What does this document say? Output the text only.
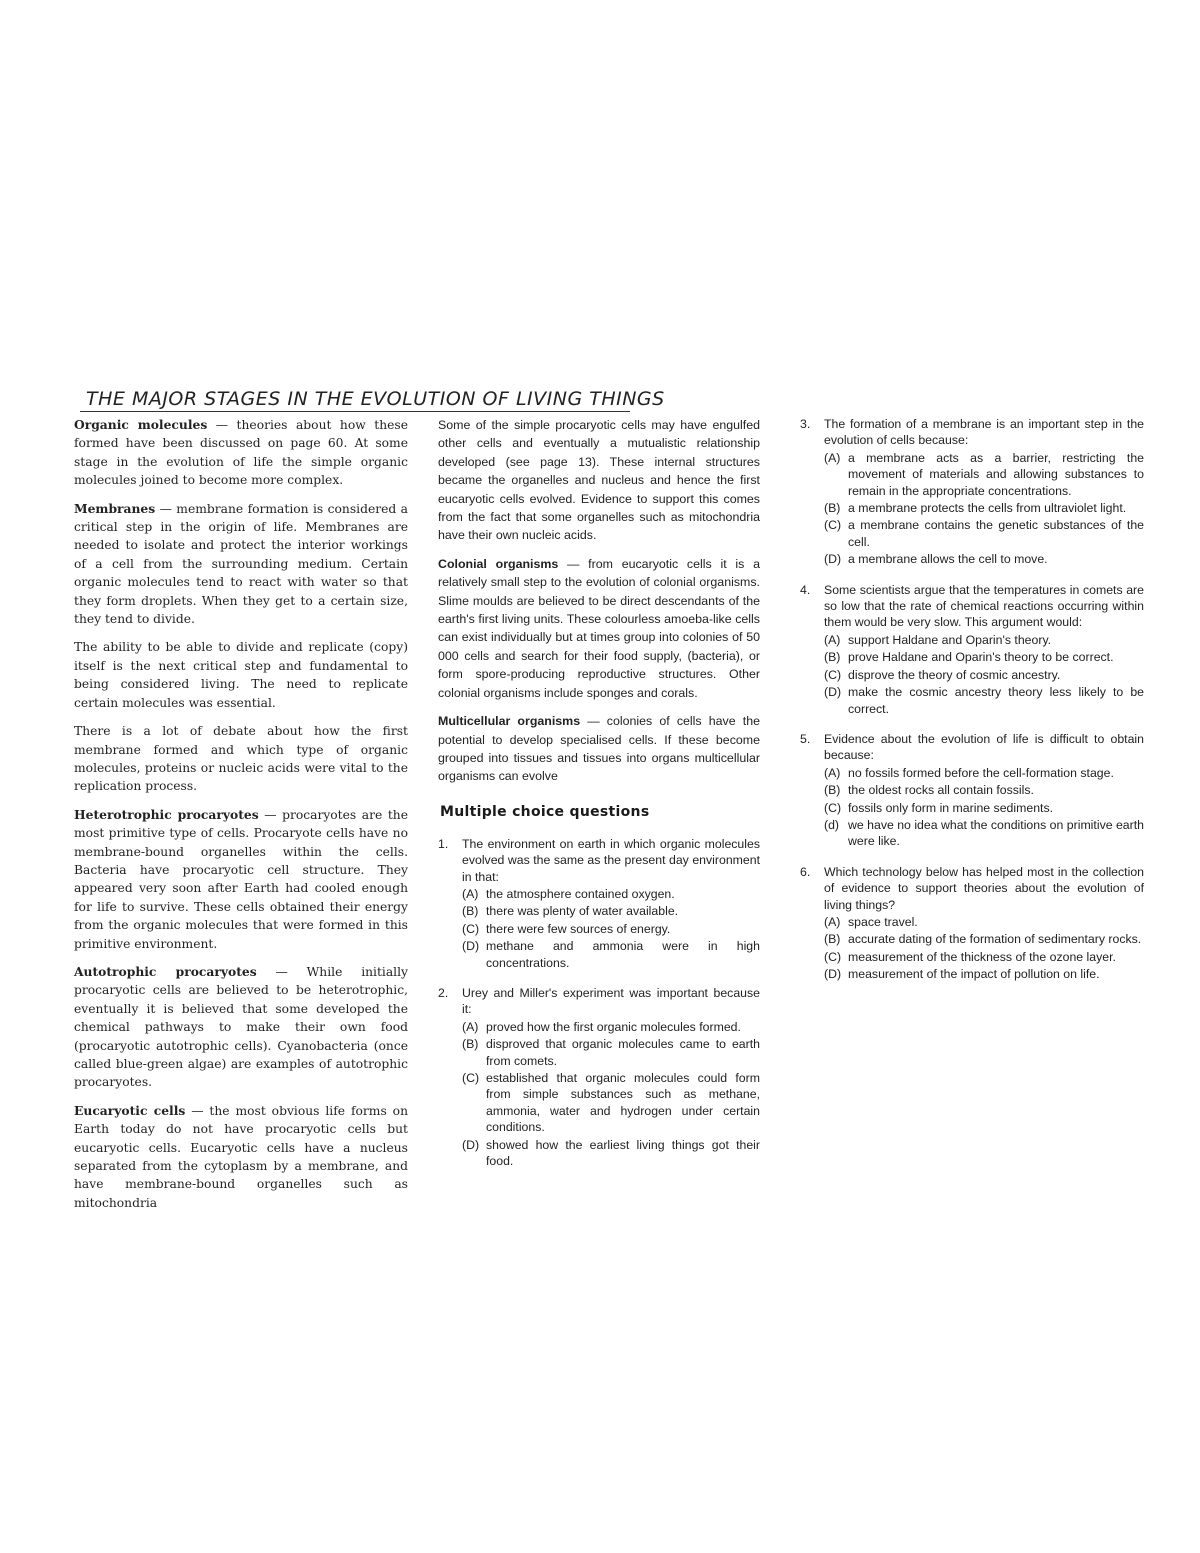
THE MAJOR STAGES IN THE EVOLUTION OF LIVING THINGS

Organic molecules — theories about how these formed have been discussed on page 60. At some stage in the evolution of life the simple organic molecules joined to become more complex.

Membranes — membrane formation is considered a critical step in the origin of life. Membranes are needed to isolate and protect the interior workings of a cell from the surrounding medium. Certain organic molecules tend to react with water so that they form droplets. When they get to a certain size, they tend to divide.

The ability to be able to divide and replicate (copy) itself is the next critical step and fundamental to being considered living. The need to replicate certain molecules was essential.

There is a lot of debate about how the first membrane formed and which type of organic molecules, proteins or nucleic acids were vital to the replication process.

Heterotrophic procaryotes — procaryotes are the most primitive type of cells. Procaryote cells have no membrane-bound organelles within the cells. Bacteria have procaryotic cell structure. They appeared very soon after Earth had cooled enough for life to survive. These cells obtained their energy from the organic molecules that were formed in this primitive environment.

Autotrophic procaryotes — While initially procaryotic cells are believed to be heterotrophic, eventually it is believed that some developed the chemical pathways to make their own food (procaryotic autotrophic cells). Cyanobacteria (once called blue-green algae) are examples of autotrophic procaryotes.

Eucaryotic cells — the most obvious life forms on Earth today do not have procaryotic cells but eucaryotic cells. Eucaryotic cells have a nucleus separated from the cytoplasm by a membrane, and have membrane-bound organelles such as mitochondria

Some of the simple procaryotic cells may have engulfed other cells and eventually a mutualistic relationship developed (see page 13). These internal structures became the organelles and nucleus and hence the first eucaryotic cells evolved. Evidence to support this comes from the fact that some organelles such as mitochondria have their own nucleic acids.

Colonial organisms — from eucaryotic cells it is a relatively small step to the evolution of colonial organisms. Slime moulds are believed to be direct descendants of the earth's first living units. These colourless amoeba-like cells can exist individually but at times group into colonies of 50 000 cells and search for their food supply, (bacteria), or form spore-producing reproductive structures. Other colonial organisms include sponges and corals.

Multicellular organisms — colonies of cells have the potential to develop specialised cells. If these become grouped into tissues and tissues into organs multicellular organisms can evolve

Multiple choice questions
1.	The environment on earth in which organic molecules evolved was the same as the present day environment in that:
(A) the atmosphere contained oxygen.
(B) there was plenty of water available.
(C) there were few sources of energy.
(D) methane and ammonia were in high concentrations.
2.	Urey and Miller's experiment was important because it:
(A) proved how the first organic molecules formed.
(B) disproved that organic molecules came to earth from comets.
(C) established that organic molecules could form from simple substances such as methane, ammonia, water and hydrogen under certain conditions.
(D) showed how the earliest living things got their food.
3.	The formation of a membrane is an important step in the evolution of cells because:
(A) a membrane acts as a barrier, restricting the movement of materials and allowing substances to remain in the appropriate concentrations.
(B) a membrane protects the cells from ultraviolet light.
(C) a membrane contains the genetic substances of the cell.
(D) a membrane allows the cell to move.
4.	Some scientists argue that the temperatures in comets are so low that the rate of chemical reactions occurring within them would be very slow. This argument would:
(A) support Haldane and Oparin's theory.
(B) prove Haldane and Oparin's theory to be correct.
(C) disprove the theory of cosmic ancestry.
(D) make the cosmic ancestry theory less likely to be correct.
5.	Evidence about the evolution of life is difficult to obtain because:
(A) no fossils formed before the cell-formation stage.
(B) the oldest rocks all contain fossils.
(C) fossils only form in marine sediments.
(d) we have no idea what the conditions on primitive earth were like.
6.	Which technology below has helped most in the collection of evidence to support theories about the evolution of living things?
(A) space travel.
(B) accurate dating of the formation of sedimentary rocks.
(C) measurement of the thickness of the ozone layer.
(D) measurement of the impact of pollution on life.
